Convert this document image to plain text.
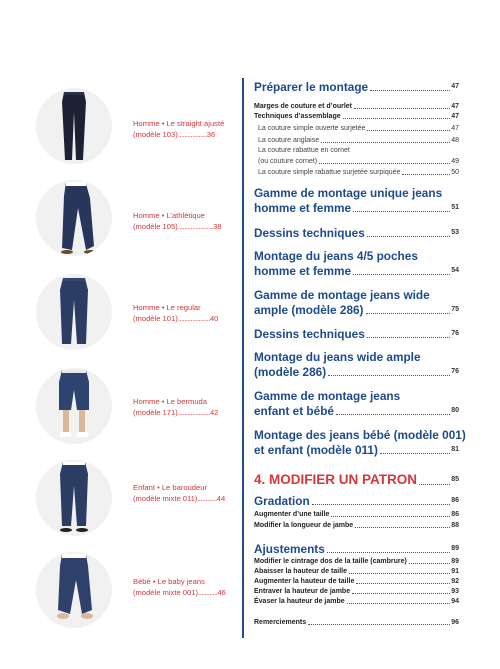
Homme • Le straight ajusté
(modèle 103)..................36
Homme • L’athlétique
(modèle 105)......................38
Homme • Le regular
(modèle 101)....................40
Homme • Le bermuda
(modèle 171)....................42
Enfant • Le baroudeur
(modèle mixte 011)............44
Bébé • Le baby jeans
(modèle mixte 001)............46
Préparer le montage	47
Marges de couture et d’ourlet	47
Techniques d’assemblage	47
La couture simple ouverte surjetée	47
La couture anglaise	48
La couture rabattue en cornet
(ou couture cornet)	49
La couture simple rabattue surjetée surpiquée	50
Gamme de montage unique jeans
homme et femme	51
Dessins techniques	53
Montage du jeans 4/5 poches
homme et femme	54
Gamme de montage jeans wide
ample (modèle 286)	75
Dessins techniques	76
Montage du jeans wide ample
(modèle 286)	76
Gamme de montage jeans
enfant et bébé	80
Montage des jeans bébé (modèle 001)
et enfant (modèle 011)	81
4. MODIFIER UN PATRON	85
Gradation	86
Augmenter d’une taille	86
Modifier la longueur de jambe	88
Ajustements	89
Modifier le cintrage dos de la taille (cambrure)	89
Abaisser la hauteur de taille	91
Augmenter la hauteur de taille	92
Entraver la hauteur de jambe	93
Évaser la hauteur de jambe	94
Remerciements	96
